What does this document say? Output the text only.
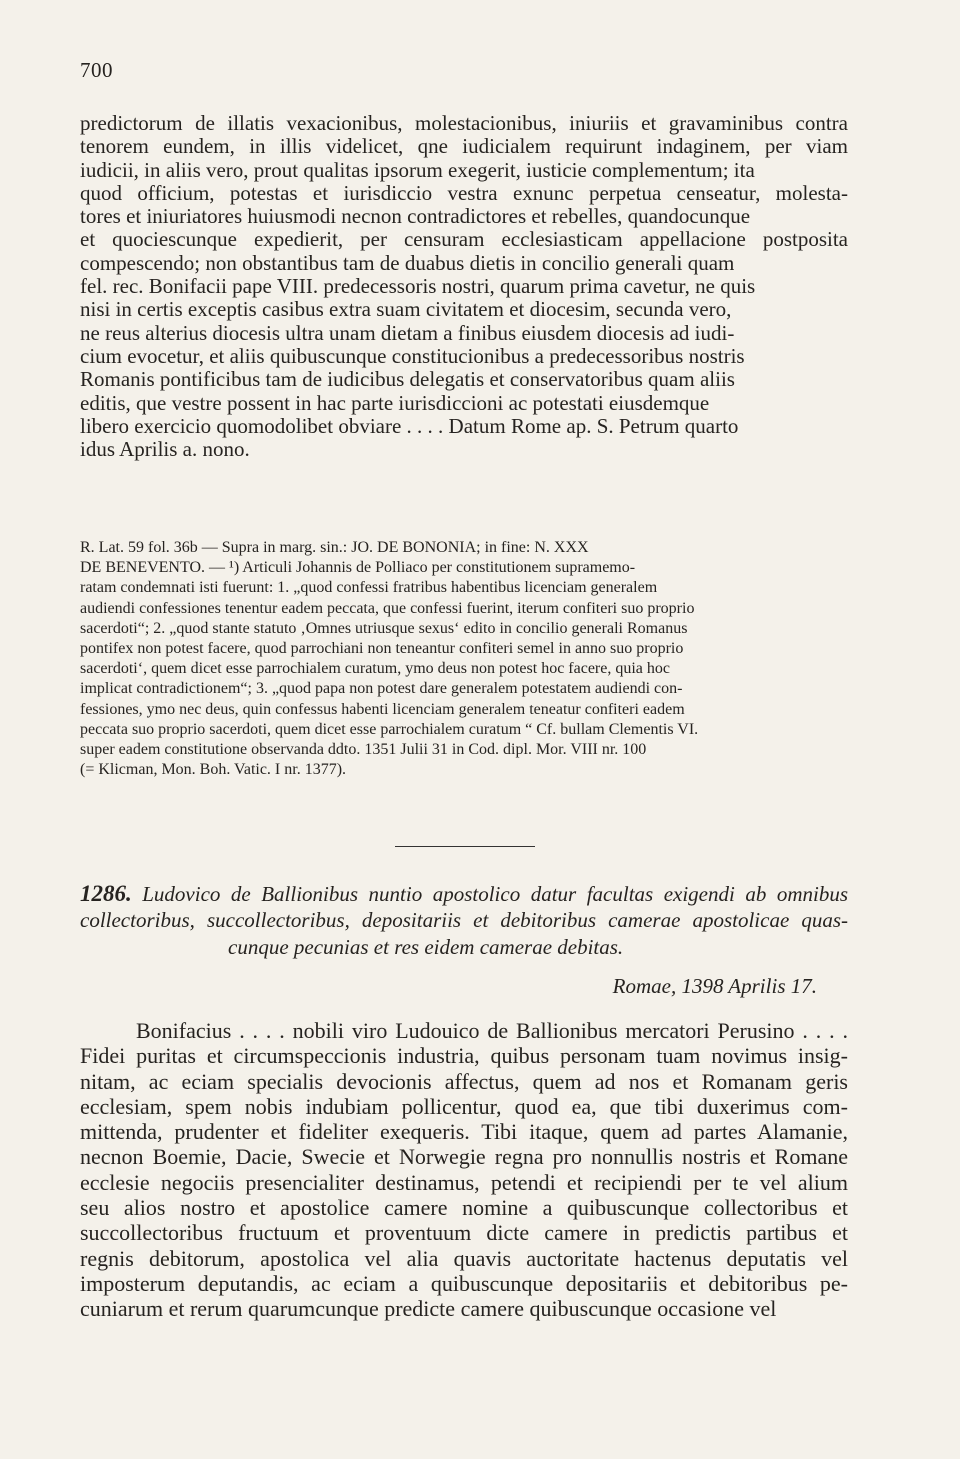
700
predictorum de illatis vexacionibus, molestacionibus, iniuriis et gravaminibus contra
tenorem eundem, in illis videlicet, qne iudicialem requirunt indaginem, per viam
iudicii, in aliis vero, prout qualitas ipsorum exegerit, iusticie complementum; ita
quod officium, potestas et iurisdiccio vestra exnunc perpetua censeatur, molesta-
tores et iniuriatores huiusmodi necnon contradictores et rebelles, quandocunque
et quociescunque expedierit, per censuram ecclesiasticam appellacione postposita
compescendo; non obstantibus tam de duabus dietis in concilio generali quam
fel. rec. Bonifacii pape VIII. predecessoris nostri, quarum prima cavetur, ne quis
nisi in certis exceptis casibus extra suam civitatem et diocesim, secunda vero,
ne reus alterius diocesis ultra unam dietam a finibus eiusdem diocesis ad iudi-
cium evocetur, et aliis quibuscunque constitucionibus a predecessoribus nostris
Romanis pontificibus tam de iudicibus delegatis et conservatoribus quam aliis
editis, que vestre possent in hac parte iurisdiccioni ac potestati eiusdemque
libero exercicio quomodolibet obviare . . . . Datum Rome ap. S. Petrum quarto
idus Aprilis a. nono.
R. Lat. 59 fol. 36b — Supra in marg. sin.: JO. DE BONONIA; in fine: N. XXX
DE BENEVENTO. — ¹) Articuli Johannis de Polliaco per constitutionem supramemo-
ratam condemnati isti fuerunt: 1. „quod confessi fratribus habentibus licenciam generalem
audiendi confessiones tenentur eadem peccata, que confessi fuerint, iterum confiteri suo proprio
sacerdoti“; 2. „quod stante statuto ‚Omnes utriusque sexus‘ edito in concilio generali Romanus
pontifex non potest facere, quod parrochiani non teneantur confiteri semel in anno suo proprio
sacerdoti‘, quem dicet esse parrochialem curatum, ymo deus non potest hoc facere, quia hoc
implicat contradictionem“; 3. „quod papa non potest dare generalem potestatem audiendi con-
fessiones, ymo nec deus, quin confessus habenti licenciam generalem teneatur confiteri eadem
peccata suo proprio sacerdoti, quem dicet esse parrochialem curatum “ Cf. bullam Clementis VI.
super eadem constitutione observanda ddto. 1351 Julii 31 in Cod. dipl. Mor. VIII nr. 100
(= Klicman, Mon. Boh. Vatic. I nr. 1377).
1286. Ludovico de Ballionibus nuntio apostolico datur facultas exigendi ab omnibus
collectoribus, succollectoribus, depositariis et debitoribus camerae apostolicae quas-
cunque pecunias et res eidem camerae debitas.
Romae, 1398 Aprilis 17.
Bonifacius . . . . nobili viro Ludouico de Ballionibus mercatori Perusino . . . .
Fidei puritas et circumspeccionis industria, quibus personam tuam novimus insig-
nitam, ac eciam specialis devocionis affectus, quem ad nos et Romanam geris
ecclesiam, spem nobis indubiam pollicentur, quod ea, que tibi duxerimus com-
mittenda, prudenter et fideliter exequeris. Tibi itaque, quem ad partes Alamanie,
necnon Boemie, Dacie, Swecie et Norwegie regna pro nonnullis nostris et Romane
ecclesie negociis presencialiter destinamus, petendi et recipiendi per te vel alium
seu alios nostro et apostolice camere nomine a quibuscunque collectoribus et
succollectoribus fructuum et proventuum dicte camere in predictis partibus et
regnis debitorum, apostolica vel alia quavis auctoritate hactenus deputatis vel
imposterum deputandis, ac eciam a quibuscunque depositariis et debitoribus pe-
cuniarum et rerum quarumcunque predicte camere quibuscunque occasione vel
